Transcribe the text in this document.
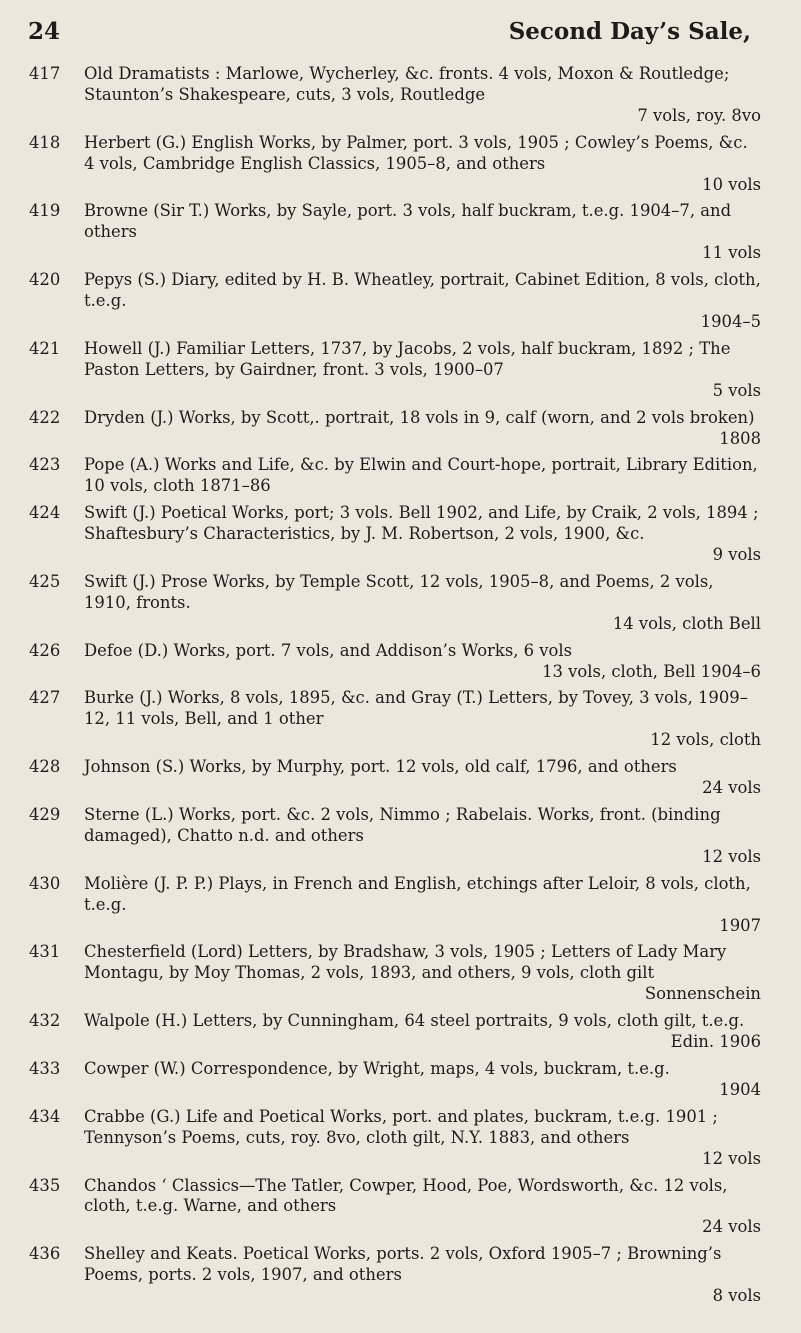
24	Second Day’s Sale,
417	Old Dramatists : Marlowe, Wycherley, &c. fronts. 4 vols, Moxon & Routledge; Staunton’s Shakespeare, cuts, 3 vols, Routledge
7 vols, roy. 8vo
418	Herbert (G.) English Works, by Palmer, port. 3 vols, 1905 ; Cowley’s Poems, &c. 4 vols, Cambridge English Classics, 1905–8, and others
10 vols
419	Browne (Sir T.) Works, by Sayle, port. 3 vols, half buckram, t.e.g. 1904–7, and others
11 vols
420	Pepys (S.) Diary, edited by H. B. Wheatley, portrait, Cabinet Edition, 8 vols, cloth, t.e.g.
1904–5
421	Howell (J.) Familiar Letters, 1737, by Jacobs, 2 vols, half buckram, 1892 ; The Paston Letters, by Gairdner, front. 3 vols, 1900–07
5 vols
422	Dryden (J.) Works, by Scott,. portrait, 18 vols in 9, calf (worn, and 2 vols broken)
1808
423	Pope (A.) Works and Life, &c. by Elwin and Court-hope, portrait, Library Edition, 10 vols, cloth 1871–86
424	Swift (J.) Poetical Works, port; 3 vols. Bell 1902, and Life, by Craik, 2 vols, 1894 ; Shaftesbury’s Characteristics, by J. M. Robertson, 2 vols, 1900, &c.
9 vols
425	Swift (J.) Prose Works, by Temple Scott, 12 vols, 1905–8, and Poems, 2 vols, 1910, fronts.
14 vols, cloth Bell
426	Defoe (D.) Works, port. 7 vols, and Addison’s Works, 6 vols
13 vols, cloth, Bell 1904–6
427	Burke (J.) Works, 8 vols, 1895, &c. and Gray (T.) Letters, by Tovey, 3 vols, 1909–12, 11 vols, Bell, and 1 other
12 vols, cloth
428	Johnson (S.) Works, by Murphy, port. 12 vols, old calf, 1796, and others
24 vols
429	Sterne (L.) Works, port. &c. 2 vols, Nimmo ; Rabelais. Works, front. (binding damaged), Chatto n.d. and others
12 vols
430	Molière (J. P. P.) Plays, in French and English, etchings after Leloir, 8 vols, cloth, t.e.g.
1907
431	Chesterfield (Lord) Letters, by Bradshaw, 3 vols, 1905 ; Letters of Lady Mary Montagu, by Moy Thomas, 2 vols, 1893, and others, 9 vols, cloth gilt
Sonnenschein
432	Walpole (H.) Letters, by Cunningham, 64 steel portraits, 9 vols, cloth gilt, t.e.g.
Edin. 1906
433	Cowper (W.) Correspondence, by Wright, maps, 4 vols, buckram, t.e.g.
1904
434	Crabbe (G.) Life and Poetical Works, port. and plates, buckram, t.e.g. 1901 ; Tennyson’s Poems, cuts, roy. 8vo, cloth gilt, N.Y. 1883, and others
12 vols
435	Chandos ‘ Classics—The Tatler, Cowper, Hood, Poe, Wordsworth, &c. 12 vols, cloth, t.e.g. Warne, and others
24 vols
436	Shelley and Keats. Poetical Works, ports. 2 vols, Oxford 1905–7 ; Browning’s Poems, ports. 2 vols, 1907, and others
8 vols
